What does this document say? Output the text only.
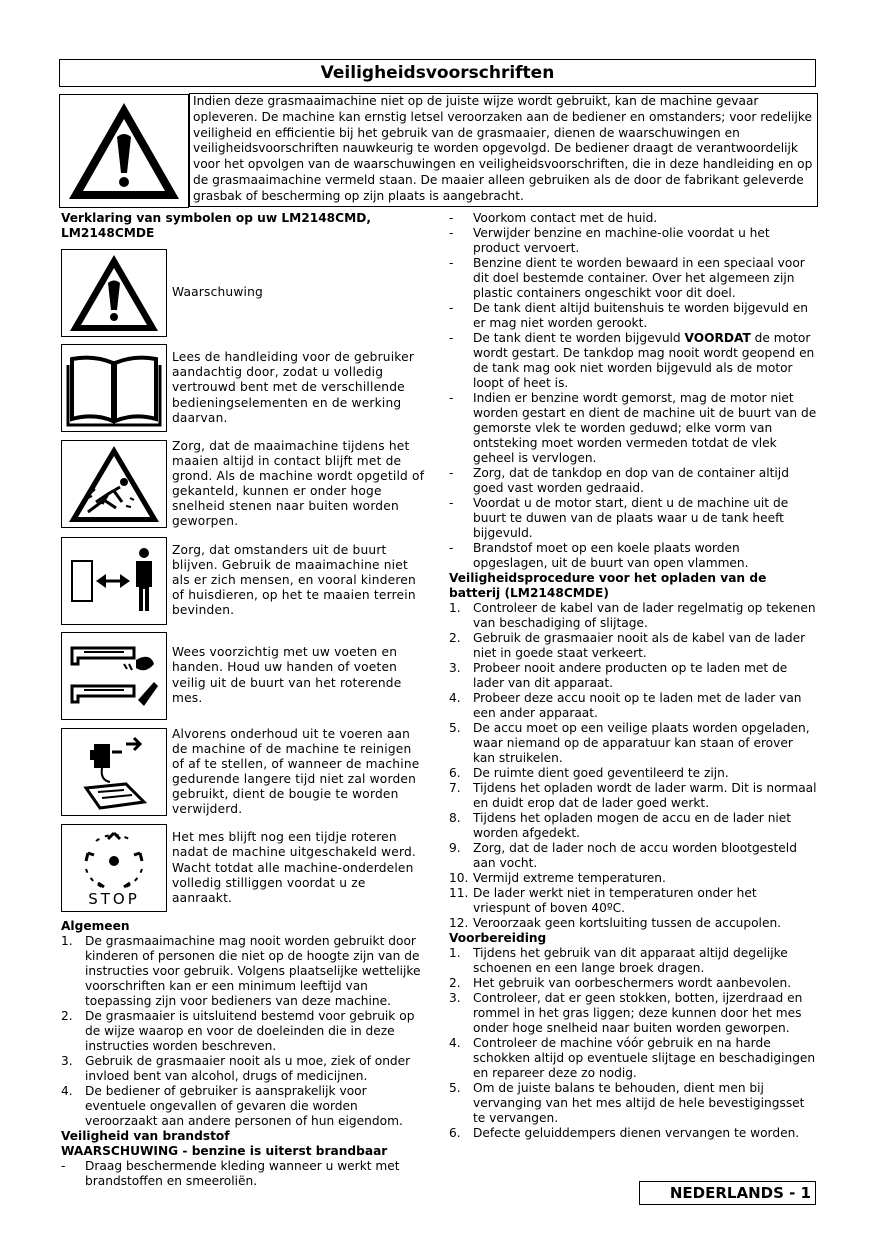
Veiligheidsvoorschriften
Indien deze grasmaaimachine niet op de juiste wijze wordt gebruikt, kan de machine gevaar opleveren. De machine kan ernstig letsel veroorzaken aan de bediener en omstanders; voor redelijke veiligheid en efficientie bij het gebruik van de grasmaaier, dienen de waarschuwingen en veiligheidsvoorschriften nauwkeurig te worden opgevolgd. De bediener draagt de verantwoordelijk voor het opvolgen van de waarschuwingen en veiligheidsvoorschriften, die in deze handleiding en op de grasmaaimachine vermeld staan. De maaier alleen gebruiken als de door de fabrikant geleverde grasbak of bescherming op zijn plaats is aangebracht.
Verklaring van symbolen op uw LM2148CMD, LM2148CMDE
Waarschuwing
Lees de handleiding voor de gebruiker aandachtig door, zodat u volledig vertrouwd bent met de verschillende bedieningselementen en de werking daarvan.
Zorg, dat de maaimachine tijdens het maaien altijd in contact blijft met de grond. Als de machine wordt opgetild of gekanteld, kunnen er onder hoge snelheid stenen naar buiten worden geworpen.
Zorg, dat omstanders uit de buurt blijven. Gebruik de maaimachine niet als er zich mensen, en vooral kinderen of huisdieren, op het te maaien terrein bevinden.
Wees voorzichtig met uw voeten en handen. Houd uw handen of voeten veilig uit de buurt van het roterende mes.
Alvorens onderhoud uit te voeren aan de machine of de machine te reinigen of af te stellen, of wanneer de machine gedurende langere tijd niet zal worden gebruikt, dient de bougie te worden verwijderd.
STOP
Het mes blijft nog een tijdje roteren nadat de machine uitgeschakeld werd. Wacht totdat alle machine-onderdelen volledig stilliggen voordat u ze aanraakt.
Algemeen
1.	De grasmaaimachine mag nooit worden gebruikt door kinderen of personen die niet op de hoogte zijn van de instructies voor gebruik. Volgens plaatselijke wettelijke voorschriften kan er een minimum leeftijd van toepassing zijn voor bedieners van deze machine.
2.	De grasmaaier is uitsluitend bestemd voor gebruik op de wijze waarop en voor de doeleinden die in deze instructies worden beschreven.
3.	Gebruik de grasmaaier nooit als u moe, ziek of onder invloed bent van alcohol, drugs of medicijnen.
4.	De bediener of gebruiker is aansprakelijk voor eventuele ongevallen of gevaren die worden veroorzaakt aan andere personen of hun eigendom.
Veiligheid van brandstof
WAARSCHUWING - benzine is uiterst brandbaar
-	Draag beschermende kleding wanneer u werkt met brandstoffen en smeeroliën.
-	Voorkom contact met de huid.
-	Verwijder benzine en machine-olie voordat u het product vervoert.
-	Benzine dient te worden bewaard in een speciaal voor dit doel bestemde container. Over het algemeen zijn plastic containers ongeschikt voor dit doel.
-	De tank dient altijd buitenshuis te worden bijgevuld en er mag niet worden gerookt.
-	De tank dient te worden bijgevuld VOORDAT de motor wordt gestart. De tankdop mag nooit wordt geopend en de tank mag ook niet worden bijgevuld als de motor loopt of heet is.
-	Indien er benzine wordt gemorst, mag de motor niet worden gestart en dient de machine uit de buurt van de gemorste vlek te worden geduwd; elke vorm van ontsteking moet worden vermeden totdat de vlek geheel is vervlogen.
-	Zorg, dat de tankdop en dop van de container altijd goed vast worden gedraaid.
-	Voordat u de motor start, dient u de machine uit de buurt te duwen van de plaats waar u de tank heeft bijgevuld.
-	Brandstof moet op een koele plaats worden opgeslagen, uit de buurt van open vlammen.
Veiligheidsprocedure voor het opladen van de batterij (LM2148CMDE)
1.	Controleer de kabel van de lader regelmatig op tekenen van beschadiging of slijtage.
2.	Gebruik de grasmaaier nooit als de kabel van de lader niet in goede staat verkeert.
3.	Probeer nooit andere producten op te laden met de lader van dit apparaat.
4.	Probeer deze accu nooit op te laden met de lader van een ander apparaat.
5.	De accu moet op een veilige plaats worden opgeladen, waar niemand op de apparatuur kan staan of erover kan struikelen.
6.	De ruimte dient goed geventileerd te zijn.
7.	Tijdens het opladen wordt de lader warm. Dit is normaal en duidt erop dat de lader goed werkt.
8.	Tijdens het opladen mogen de accu en de lader niet worden afgedekt.
9.	Zorg, dat de lader noch de accu worden blootgesteld aan vocht.
10. Vermijd extreme temperaturen.
11. De lader werkt niet in temperaturen onder het vriespunt of boven 40ºC.
12. Veroorzaak geen kortsluiting tussen de accupolen.
Voorbereiding
1.	Tijdens het gebruik van dit apparaat altijd degelijke schoenen en een lange broek dragen.
2.	Het gebruik van oorbeschermers wordt aanbevolen.
3.	Controleer, dat er geen stokken, botten, ijzerdraad en rommel in het gras liggen; deze kunnen door het mes onder hoge snelheid naar buiten worden geworpen.
4.	Controleer de machine vóór gebruik en na harde schokken altijd op eventuele slijtage en beschadigingen en repareer deze zo nodig.
5.	Om de juiste balans te behouden, dient men bij vervanging van het mes altijd de hele bevestigingsset te vervangen.
6.	Defecte geluiddempers dienen vervangen te worden.
NEDERLANDS - 1
